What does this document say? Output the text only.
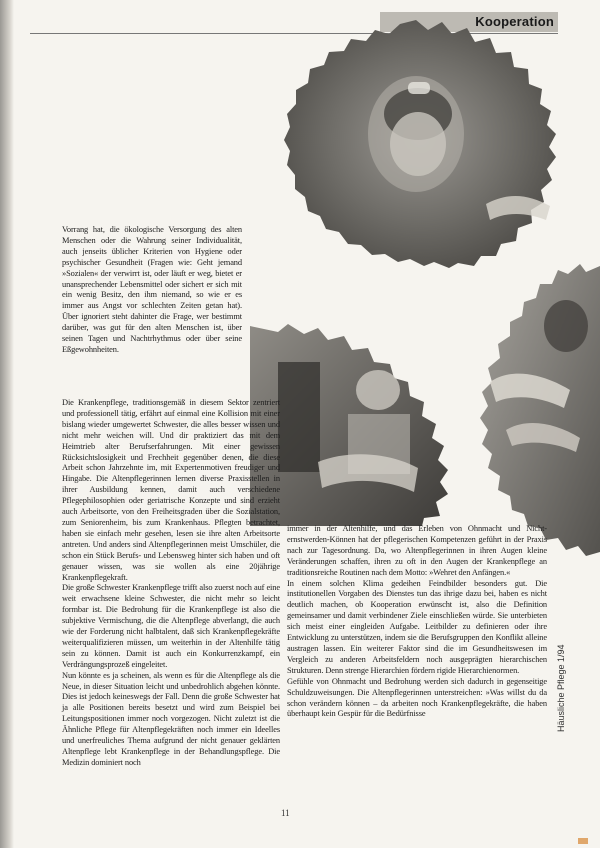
Kooperation

Vorrang hat, die ökologische Versorgung des alten Menschen oder die Wahrung seiner Individualität, auch jenseits üblicher Kriterien von Hygiene oder psychischer Gesundheit (Fragen wie: Geht jemand »Sozialen« der verwirrt ist, oder läuft er weg, bietet er unansprechender Lebensmittel oder sichert er sich mit ein wenig Besitz, den ihm niemand, so wie er es immer aus Angst vor schlechten Zeiten getan hat). Über ignoriert steht dahinter die Frage, wer bestimmt darüber, was gut für den alten Menschen ist, über seinen Tagen und Nachtrhythmus oder über seine Eßgewohnheiten.

Die Krankenpflege, traditionsgemäß in diesem Sektor zentriert und professionell tätig, erfährt auf einmal eine Kollision mit einer bislang wieder umgewertet Schwester, die alles besser wissen und nicht mehr weichen will. Und dir praktiziert das mit dem Heimtrieb alter Berufserfahrungen. Mit einer gewissen Rücksichtslosigkeit und Frechheit gegenüber denen, die diese Arbeit schon Jahrzehnte im, mit Expertenmotiven freudiger und Hingabe. Die Altenpflegerinnen lernen diverse Praxisstellen in ihrer Ausbildung kennen, damit auch verschiedene Pflegephilosophien oder geriatrische Konzepte und sind erzieht auch Arbeitsorte, von den Freiheitsgraden über die Sozialstation, zum Seniorenheim, bis zum Krankenhaus. Pflegten betrachtet, haben sie einfach mehr gesehen, lesen sie ihre alten Arbeitsorte antreten. Und anders sind Altenpflegerinnen meist Umschüler, die schon ein Stück Berufs- und Lebensweg hinter sich haben und oft genauer wissen, was sie wollen als eine 20jährige Krankenpflegekraft.
Die große Schwester Krankenpflege trifft also zuerst noch auf eine weit erwachsene kleine Schwester, die nicht mehr so leicht formbar ist. Die Bedrohung für die Krankenpflege ist also die subjektive Vermischung, die die Altenpflege abverlangt, die auch wie der Forderung nicht halbtalent, daß sich Krankenpflegekräfte weiterqualifizieren müssen, um weiterhin in der Altenhilfe tätig sein zu können. Damit ist auch ein Konkurrenzkampf, ein Verdrängungsprozeß eingeleitet.
Nun könnte es ja scheinen, als wenn es für die Altenpflege als die Neue, in dieser Situation leicht und unbedrohlich abgehen könnte. Dies ist jedoch keineswegs der Fall. Denn die große Schwester hat ja alle Positionen bereits besetzt und wird zum Beispiel bei Leitungspositionen immer noch vorgezogen. Nicht zuletzt ist die Ähnliche Pflege für Altenpflegekräften noch immer ein Ideelles und unerfreuliches Thema aufgrund der nicht genauer geklärten Altenpflege lebt Krankenpflege in der Behandlungspflege. Die Medizin dominiert noch

immer in der Altenhilfe, und das Erleben von Ohnmacht und Nicht-ernstwerden-Können hat der pflegerischen Kompetenzen geführt in der Praxis nach zur Tagesordnung. Da, wo Altenpflegerinnen in ihren Augen kleine Veränderungen schaffen, ihren zu oft in den Augen der Krankenpflege an traditionsreiche Routinen nach dem Motto: »Wehret den Anfängen.«
In einem solchen Klima gedeihen Feindbilder besonders gut. Die institutionellen Vorgaben des Dienstes tun das ihrige dazu bei, haben es nicht deutlich machen, ob Kooperation erwünscht ist, also die Definition gemeinsamer und damit verbindener Ziele einschließen würde. Sie unterbieten sich meist einer eingleiden Aufgabe. Leitbilder zu definieren oder ihre Entwicklung zu unterstützen, indem sie die Berufsgruppen den Konflikt alleine austragen lassen. Ein weiterer Faktor sind die im Gesundheitswesen im Vergleich zu anderen Arbeitsfeldern noch ausgeprägten hierarchischen Strukturen. Denn strenge Hierarchien fördern rigide Hierarchienormen.
Gefühle von Ohnmacht und Bedrohung werden sich dadurch in gegenseitige Schuldzuweisungen. Die Altenpflegerinnen unterstreichen: »Was willst du da schon verändern können – da arbeiten noch Krankenpflegekräfte, die haben überhaupt kein Gespür für die Bedürfnisse	Häusliche Pflege 1/94
11
